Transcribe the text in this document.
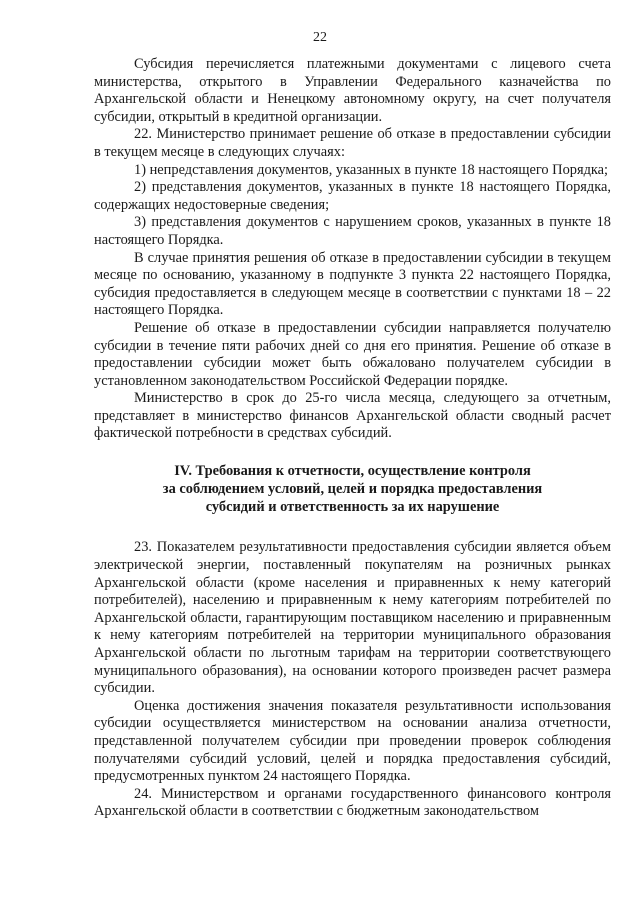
22

Субсидия перечисляется платежными документами с лицевого счета министерства, открытого в Управлении Федерального казначейства по Архангельской области и Ненецкому автономному округу, на счет получателя субсидии, открытый в кредитной организации.

22. Министерство принимает решение об отказе в предоставлении субсидии в текущем месяце в следующих случаях:

1) непредставления документов, указанных в пункте 18 настоящего Порядка;

2) представления документов, указанных в пункте 18 настоящего Порядка, содержащих недостоверные сведения;

3) представления документов с нарушением сроков, указанных в пункте 18 настоящего Порядка.

В случае принятия решения об отказе в предоставлении субсидии в текущем месяце по основанию, указанному в подпункте 3 пункта 22 настоящего Порядка, субсидия предоставляется в следующем месяце в соответствии с пунктами 18 – 22 настоящего Порядка.

Решение об отказе в предоставлении субсидии направляется получателю субсидии в течение пяти рабочих дней со дня его принятия. Решение об отказе в предоставлении субсидии может быть обжаловано получателем субсидии в установленном законодательством Российской Федерации порядке.

Министерство в срок до 25-го числа месяца, следующего за отчетным, представляет в министерство финансов Архангельской области сводный расчет фактической потребности в средствах субсидий.

IV. Требования к отчетности, осуществление контроля
за соблюдением условий, целей и порядка предоставления
субсидий и ответственность за их нарушение

23. Показателем результативности предоставления субсидии является объем электрической энергии, поставленный покупателям на розничных рынках Архангельской области (кроме населения и приравненных к нему категорий потребителей), населению и приравненным к нему категориям потребителей по Архангельской области, гарантирующим поставщиком населению и приравненным к нему категориям потребителей на территории муниципального образования Архангельской области по льготным тарифам на территории соответствующего муниципального образования), на основании которого произведен расчет размера субсидии.

Оценка достижения значения показателя результативности использования субсидии осуществляется министерством на основании анализа отчетности, представленной получателем субсидии при проведении проверок соблюдения получателями субсидий условий, целей и порядка предоставления субсидий, предусмотренных пунктом 24 настоящего Порядка.

24. Министерством и органами государственного финансового контроля Архангельской области в соответствии с бюджетным законодательством
